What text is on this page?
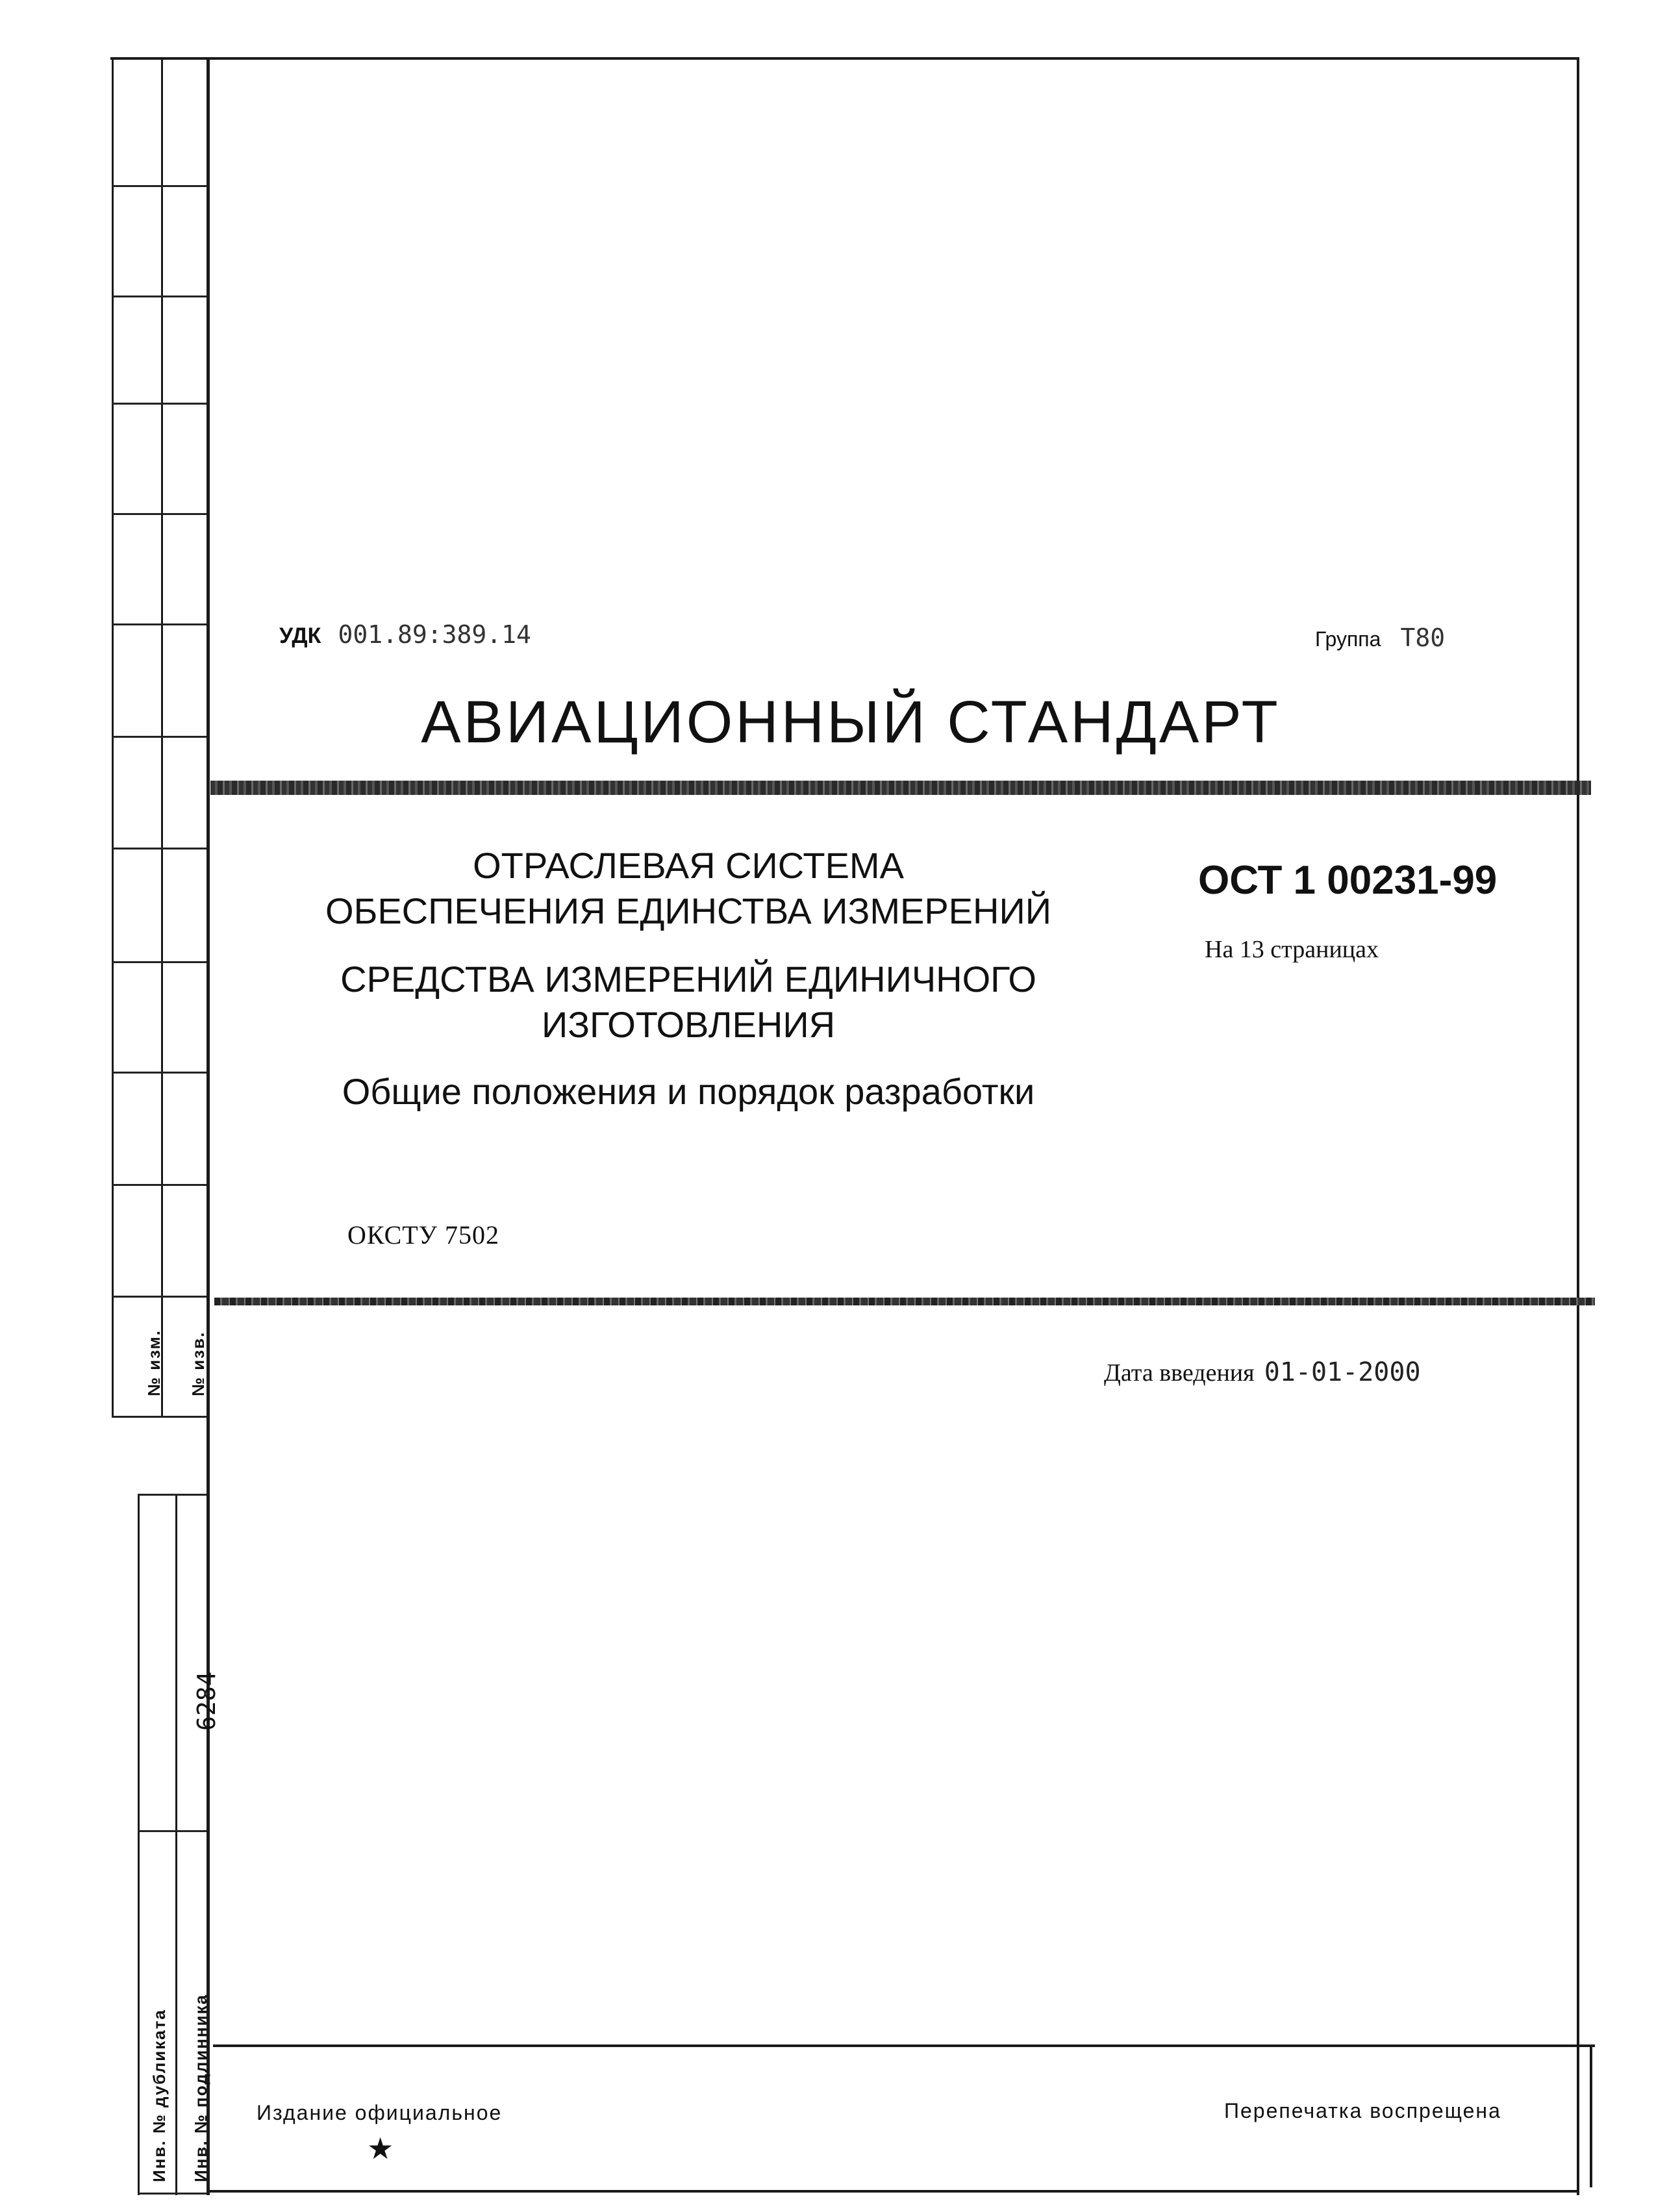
№ изм. № изв.
6284
Инв. № дубликата Инв. № подлинника
УДК 001.89:389.14	Группа Т80
АВИАЦИОННЫЙ СТАНДАРТ
ОТРАСЛЕВАЯ СИСТЕМА
ОБЕСПЕЧЕНИЯ ЕДИНСТВА ИЗМЕРЕНИЙ
СРЕДСТВА ИЗМЕРЕНИЙ ЕДИНИЧНОГО
ИЗГОТОВЛЕНИЯ
Общие положения и порядок разработки
ОСТ 1 00231-99
На 13 страницах
ОКСТУ 7502
Дата введения 01-01-2000
Издание официальное
★
Перепечатка воспрещена
